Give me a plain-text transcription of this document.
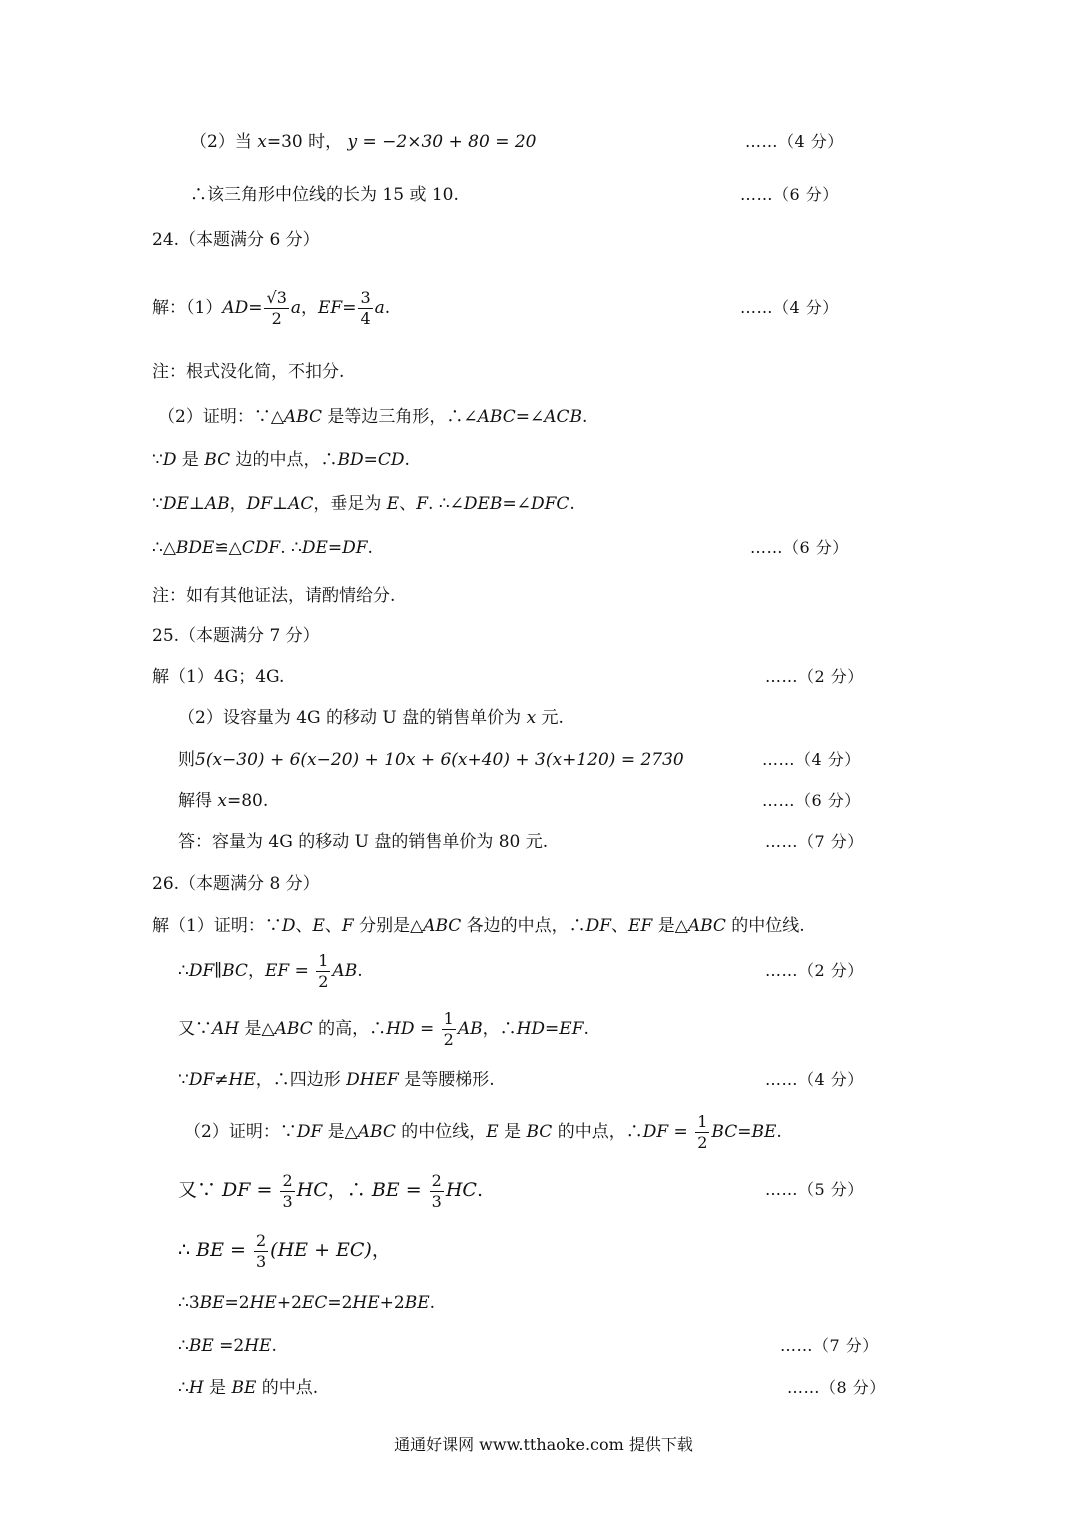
（2）当 x=30 时， y = −2×30 + 80 = 20	……（4 分）
∴该三角形中位线的长为 15 或 10.	……（6 分）
24.（本题满分 6 分）
解：$(1)AD= \frac{√3}{2}$ a，$EF= \frac{3}{4} a$.	……（4 分）
注：根式没化简，不扣分.
（2）证明：∵△ABC 是等边三角形，∴∠ABC=∠ACB.
∵D 是 BC 边的中点，∴BD=CD.
∵DE⊥AB，DF⊥AC，垂足为 E、F. ∴∠DEB=∠DFC.
∴△BDE≌△CDF. ∴DE=DF.	……（6 分）
注：如有其他证法，请酌情给分.
25.（本题满分 7 分）
解（1）4G；4G.	……（2 分）
（2）设容量为 4G 的移动 U 盘的销售单价为 x 元.
则5(x−30) + 6(x−20) + 10x + 6(x+40) + 3(x+120) = 2730	……（4 分）
解得 x=80.	……（6 分）
答：容量为 4G 的移动 U 盘的销售单价为 80 元.	……（7 分）
26.（本题满分 8 分）
解（1）证明：∵D、E、F 分别是△ABC 各边的中点，∴DF、EF 是△ABC 的中位线.
∴DF∥BC，EF = $\frac{1}{2}$ AB.	……（2 分）
又∵AH 是△ABC 的高，∴HD = $\frac{1}{2}$ AB，∴HD=EF.
∵DF≠HE，∴四边形 DHEF 是等腰梯形.	……（4 分）
（2）证明：∵DF 是△ABC 的中位线，E 是 BC 的中点，∴DF = $\frac{1}{2} BC=BE$.
又∵ DF = $\frac{2}{3}$ HC，∴ BE = $\frac{2}{3}$ HC.	……（5 分）
∴ BE = $\frac{2}{3} (HE + EC)$，
∴3BE=2HE+2EC=2HE+2BE.
∴BE =2HE.	……（7 分）
∴H 是 BE 的中点.	……（8 分）
通通好课网 www.tthaoke.com 提供下载
